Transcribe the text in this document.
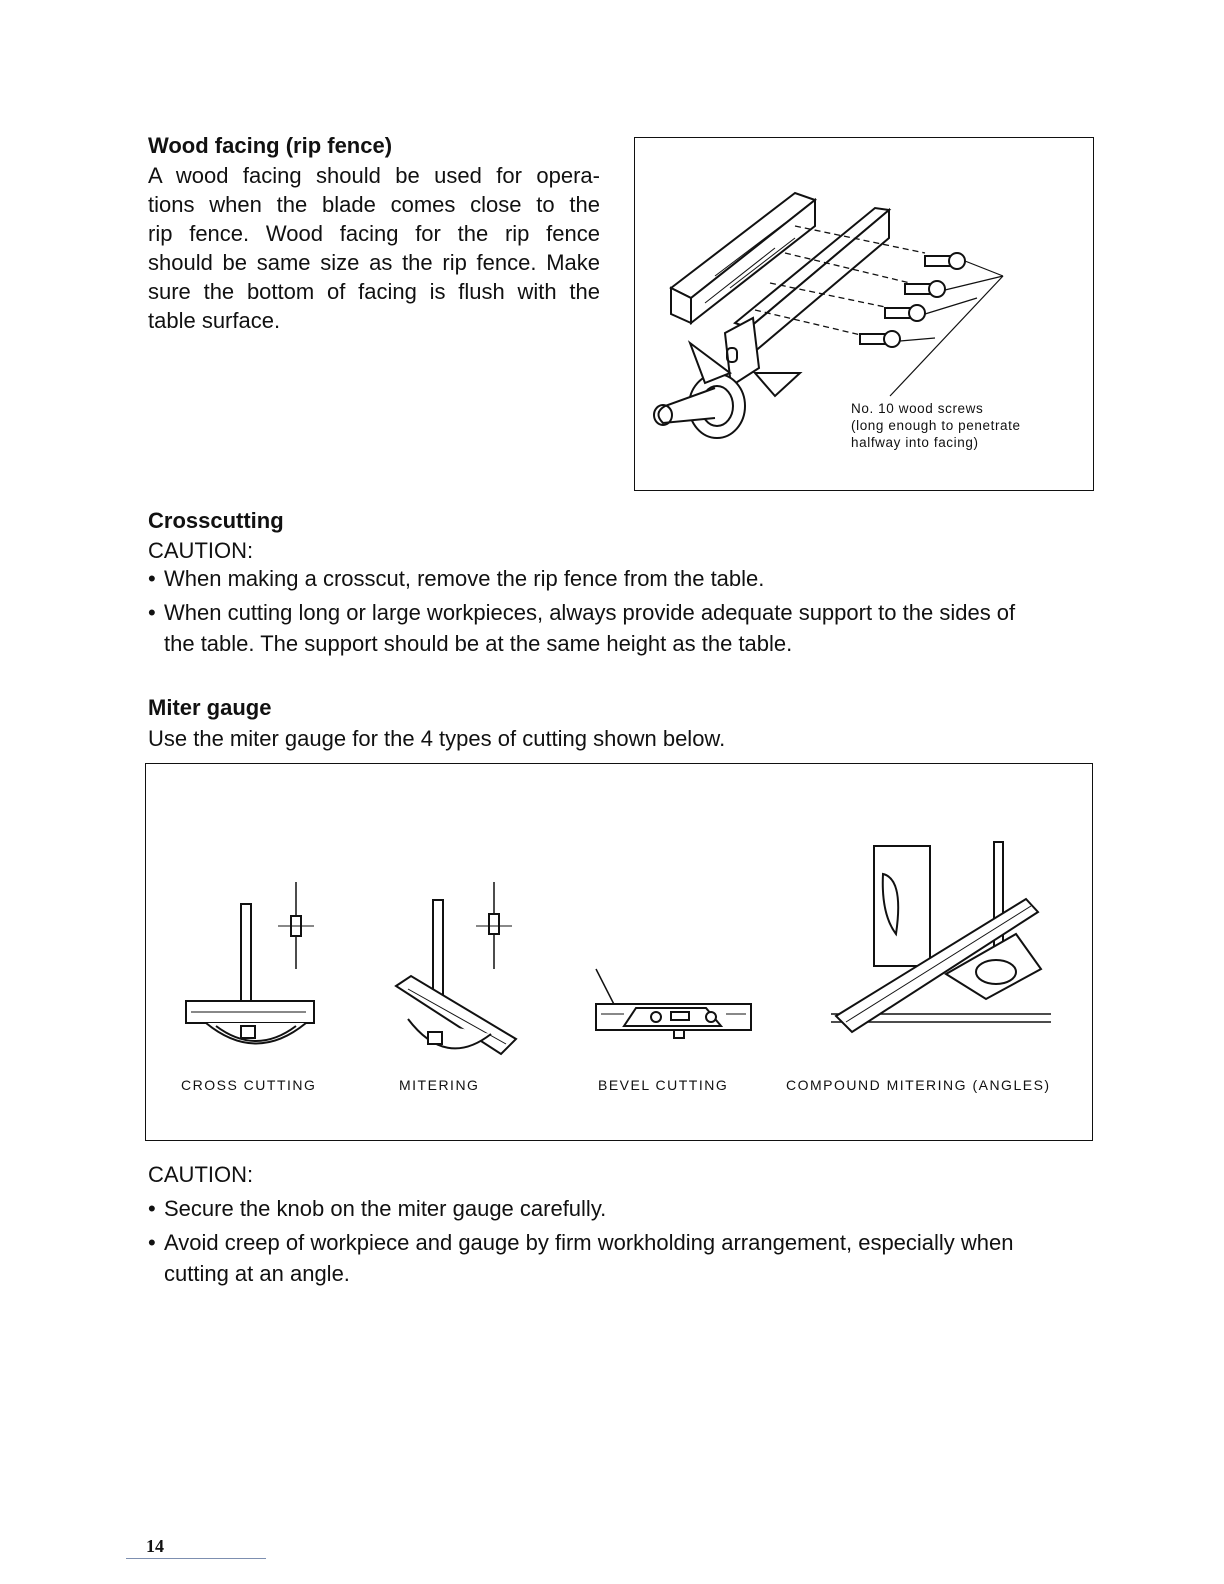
Wood facing (rip fence)
A wood facing should be used for opera-
tions when the blade comes close to the
rip fence. Wood facing for the rip fence
should be same size as the rip fence. Make
sure the bottom of facing is flush with the
table surface.
No. 10 wood screws
(long enough to penetrate
halfway into facing)
Crosscutting
CAUTION:
• When making a crosscut, remove the rip fence from the table.
• When cutting long or large workpieces, always provide adequate support to the sides of
the table. The support should be at the same height as the table.
Miter gauge
Use the miter gauge for the 4 types of cutting shown below.
CROSS CUTTING	MITERING	BEVEL CUTTING	COMPOUND MITERING (ANGLES)
CAUTION:
• Secure the knob on the miter gauge carefully.
• Avoid creep of workpiece and gauge by firm workholding arrangement, especially when
cutting at an angle.
14
